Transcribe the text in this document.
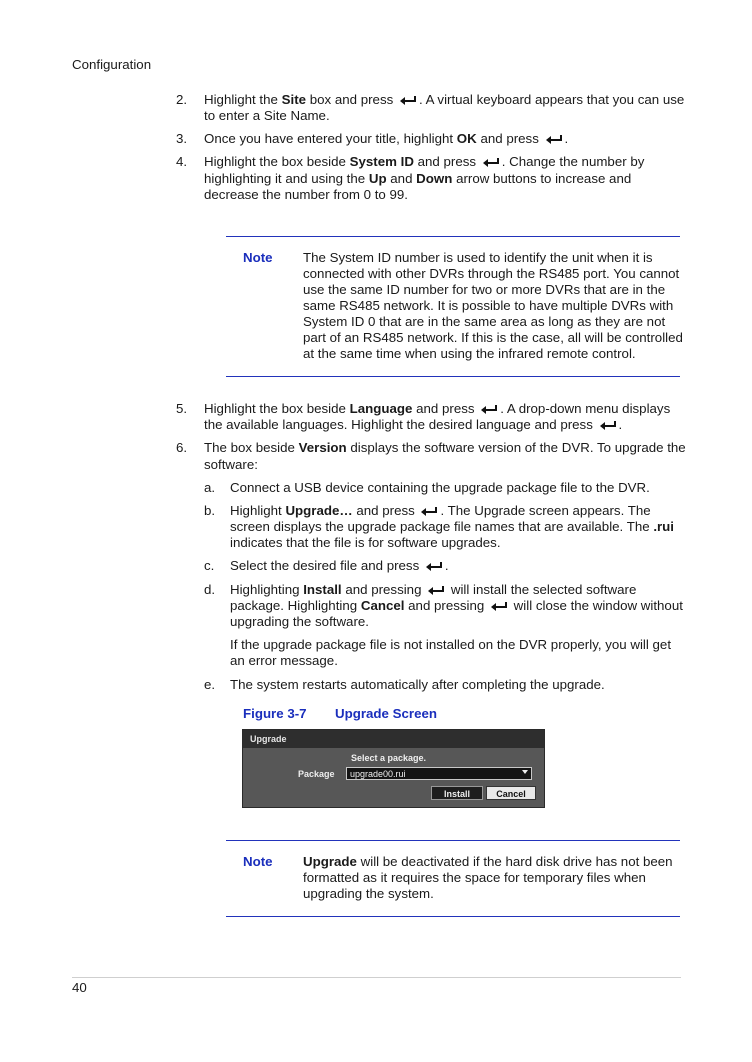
Configuration
2. Highlight the Site box and press . A virtual keyboard appears that you can use
to enter a Site Name.
3. Once you have entered your title, highlight OK and press .
4. Highlight the box beside System ID and press . Change the number by
highlighting it and using the Up and Down arrow buttons to increase and
decrease the number from 0 to 99.
Note The System ID number is used to identify the unit when it is
connected with other DVRs through the RS485 port. You cannot
use the same ID number for two or more DVRs that are in the
same RS485 network. It is possible to have multiple DVRs with
System ID 0 that are in the same area as long as they are not
part of an RS485 network. If this is the case, all will be controlled
at the same time when using the infrared remote control.
5. Highlight the box beside Language and press . A drop-down menu displays
the available languages. Highlight the desired language and press .
6. The box beside Version displays the software version of the DVR. To upgrade the
software:
a. Connect a USB device containing the upgrade package file to the DVR.
b. Highlight Upgrade… and press . The Upgrade screen appears. The
screen displays the upgrade package file names that are available. The .rui
indicates that the file is for software upgrades.
c. Select the desired file and press .
d. Highlighting Install and pressing  will install the selected software
package. Highlighting Cancel and pressing  will close the window without
upgrading the software.
If the upgrade package file is not installed on the DVR properly, you will get
an error message.
e. The system restarts automatically after completing the upgrade.
Figure 3-7 Upgrade Screen
Upgrade
Select a package.
Package	upgrade00.rui
Install	Cancel
Note Upgrade will be deactivated if the hard disk drive has not been
formatted as it requires the space for temporary files when
upgrading the system.
40
